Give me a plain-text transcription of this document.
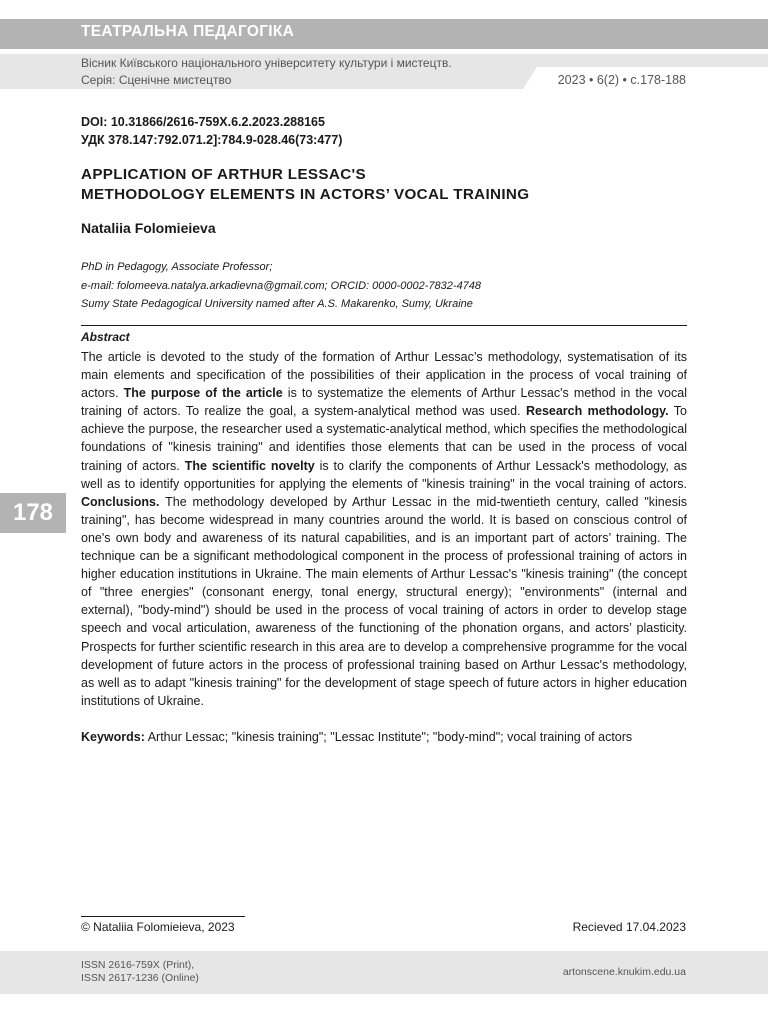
ТЕАТРАЛЬНА ПЕДАГОГІКА
Вісник Київського національного університету культури і мистецтв.
Серія: Сценічне мистецтво	2023 • 6(2) • с.178-188
DOI: 10.31866/2616-759X.6.2.2023.288165
УДК 378.147:792.071.2]:784.9-028.46(73:477)
APPLICATION OF ARTHUR LESSAC'S
METHODOLOGY ELEMENTS IN ACTORS’ VOCAL TRAINING
Nataliia Folomieieva
PhD in Pedagogy, Associate Professor;
e-mail: folomeeva.natalya.arkadievna@gmail.com; ORCID: 0000-0002-7832-4748
Sumy State Pedagogical University named after A.S. Makarenko, Sumy, Ukraine
Abstract
The article is devoted to the study of the formation of Arthur Lessac’s methodology, systematisation of its main elements and specification of the possibilities of their application in the process of vocal training of actors. The purpose of the article is to systematize the elements of Arthur Lessac's method in the vocal training of actors. To realize the goal, a system-analytical method was used. Research methodology. To achieve the purpose, the researcher used a systematic-analytical method, which specifies the methodological foundations of "kinesis training" and identifies those elements that can be used in the process of vocal training of actors. The scientific novelty is to clarify the components of Arthur Lessack's methodology, as well as to identify opportunities for applying the elements of "kinesis training" in the vocal training of actors. Conclusions. The methodology developed by Arthur Lessac in the mid-twentieth century, called "kinesis training", has become widespread in many countries around the world. It is based on conscious control of one's own body and awareness of its natural capabilities, and is an important part of actors’ training. The technique can be a significant methodological component in the process of professional training of actors in higher education institutions in Ukraine. The main elements of Arthur Lessac's "kinesis training" (the concept of "three energies" (consonant energy, tonal energy, structural energy); "environments" (internal and external), "body-mind") should be used in the process of vocal training of actors in order to develop stage speech and vocal articulation, awareness of the functioning of the phonation organs, and actors’ plasticity. Prospects for further scientific research in this area are to develop a comprehensive programme for the vocal development of future actors in the process of professional training based on Arthur Lessac's methodology, as well as to adapt "kinesis training" for the development of stage speech of future actors in higher education institutions of Ukraine.
Keywords: Arthur Lessac; "kinesis training"; "Lessac Institute"; "body-mind"; vocal training of actors
178
© Nataliia Folomieieva, 2023	Recieved 17.04.2023
ISSN 2616-759X (Print),
ISSN 2617-1236 (Online)	artonscene.knukim.edu.ua
